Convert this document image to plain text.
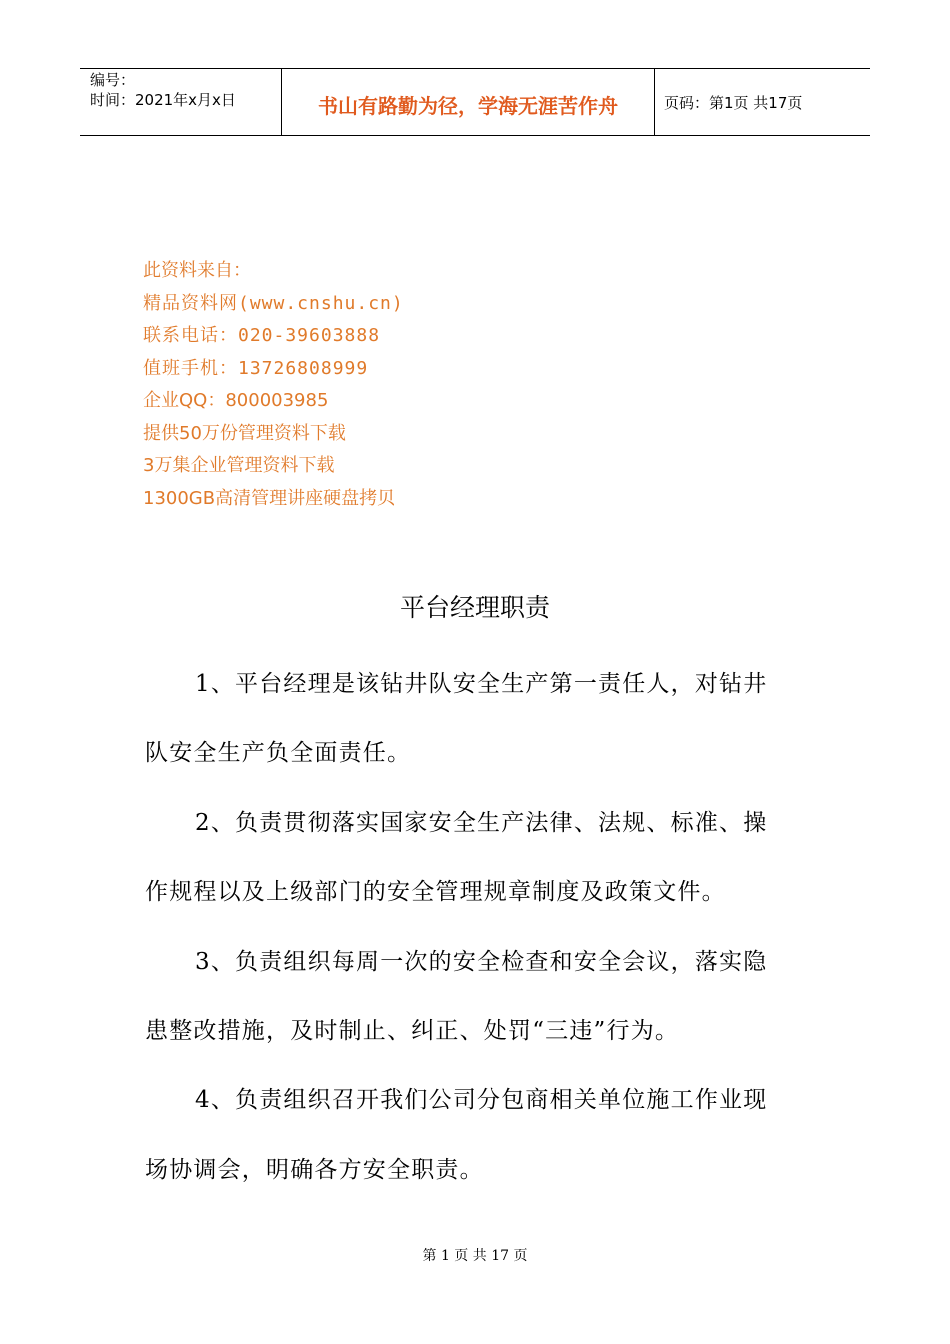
编号：
时间：2021年x月x日	书山有路勤为径，学海无涯苦作舟	页码：第1页 共17页
此资料来自：
精品资料网(www.cnshu.cn)
联系电话：020-39603888
值班手机：13726808999
企业QQ：800003985
提供50万份管理资料下载
3万集企业管理资料下载
1300GB高清管理讲座硬盘拷贝
平台经理职责
1、平台经理是该钻井队安全生产第一责任人，对钻井
队安全生产负全面责任。
2、负责贯彻落实国家安全生产法律、法规、标准、操
作规程以及上级部门的安全管理规章制度及政策文件。
3、负责组织每周一次的安全检查和安全会议，落实隐
患整改措施，及时制止、纠正、处罚“三违”行为。
4、负责组织召开我们公司分包商相关单位施工作业现
场协调会，明确各方安全职责。
第 1 页 共 17 页
